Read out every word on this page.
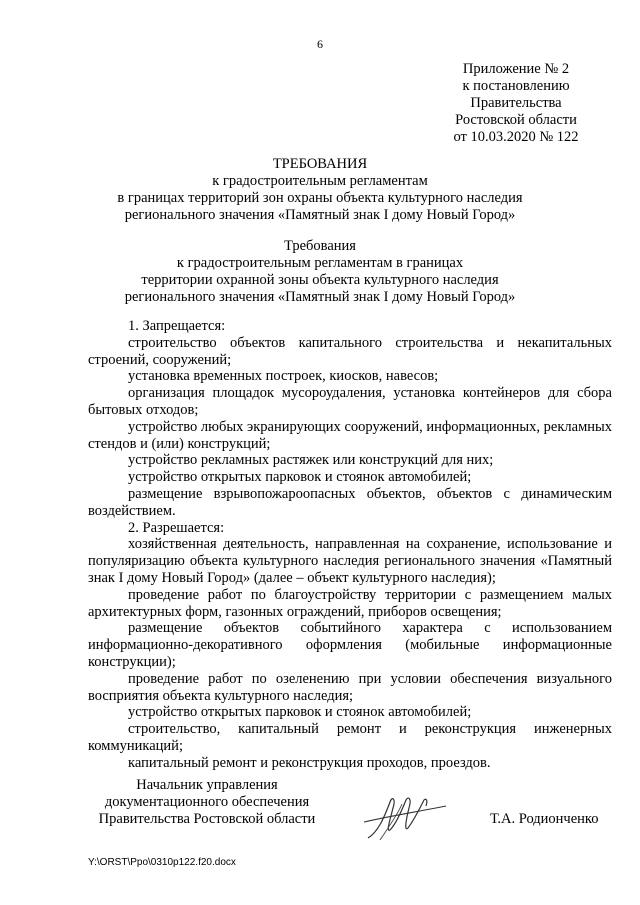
6
Приложение № 2
к постановлению
Правительства
Ростовской области
от 10.03.2020 № 122
ТРЕБОВАНИЯ
к градостроительным регламентам
в границах территорий зон охраны объекта культурного наследия
регионального значения «Памятный знак I дому Новый Город»
Требования
к градостроительным регламентам в границах
территории охранной зоны объекта культурного наследия
регионального значения «Памятный знак I дому Новый Город»

1. Запрещается:

строительство объектов капитального строительства и некапитальных строений, сооружений;

установка временных построек, киосков, навесов;

организация площадок мусороудаления, установка контейнеров для сбора бытовых отходов;

устройство любых экранирующих сооружений, информационных, рекламных стендов и (или) конструкций;

устройство рекламных растяжек или конструкций для них;

устройство открытых парковок и стоянок автомобилей;

размещение взрывопожароопасных объектов, объектов с динамическим воздействием.

2. Разрешается:

хозяйственная деятельность, направленная на сохранение, использование и популяризацию объекта культурного наследия регионального значения «Памятный знак I дому Новый Город» (далее – объект культурного наследия);

проведение работ по благоустройству территории с размещением малых архитектурных форм, газонных ограждений, приборов освещения;

размещение объектов событийного характера с использованием информационно-декоративного оформления (мобильные информационные конструкции);

проведение работ по озеленению при условии обеспечения визуального восприятия объекта культурного наследия;

устройство открытых парковок и стоянок автомобилей;

строительство, капитальный ремонт и реконструкция инженерных коммуникаций;

капитальный ремонт и реконструкция проходов, проездов.

Начальник управления
документационного обеспечения
Правительства Ростовской области	Т.А. Родионченко
Y:\ORST\Ppo\0310p122.f20.docx
